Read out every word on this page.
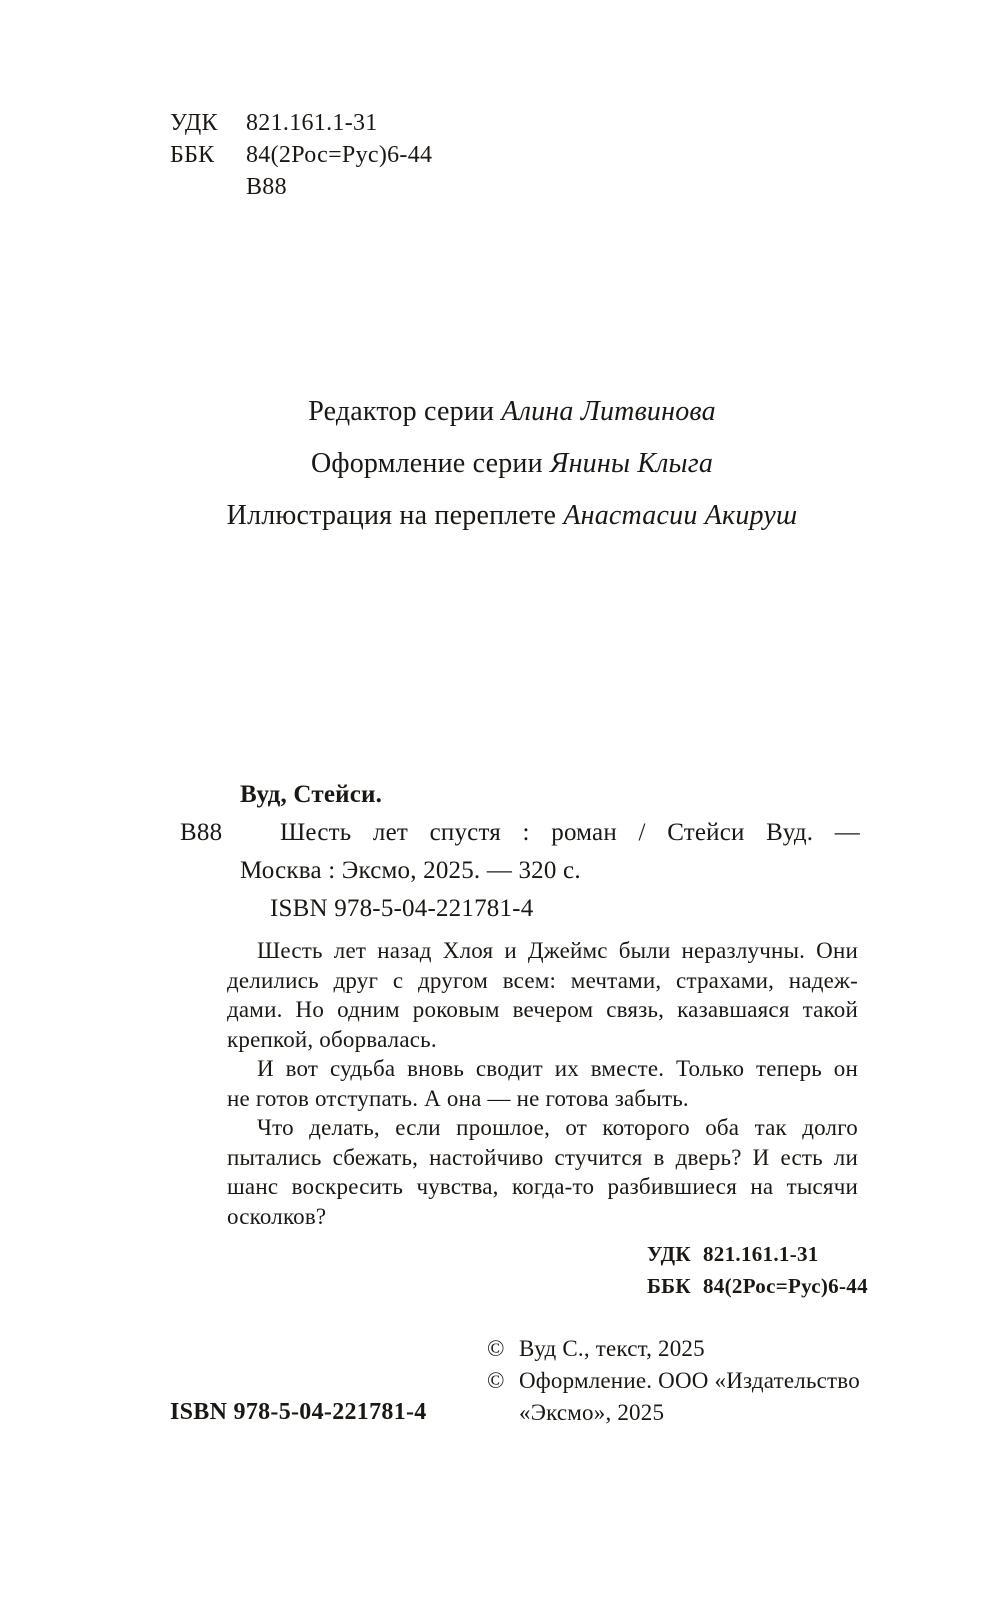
УДК	821.161.1-31
ББК	84(2Рос=Рус)6-44
В88
Редактор серии Алина Литвинова
Оформление серии Янины Клыга
Иллюстрация на переплете Анастасии Акируш
Вуд, Стейси.
В88	Шесть лет спустя : роман / Стейси Вуд. —
Москва : Эксмо, 2025. — 320 с.
ISBN 978-5-04-221781-4
Шесть лет назад Хлоя и Джеймс были неразлучны. Они
делились друг с другом всем: мечтами, страхами, надеж-
дами. Но одним роковым вечером связь, казавшаяся такой
крепкой, оборвалась.
И вот судьба вновь сводит их вместе. Только теперь он
не готов отступать. А она — не готова забыть.
Что делать, если прошлое, от которого оба так долго
пытались сбежать, настойчиво стучится в дверь? И есть ли
шанс воскресить чувства, когда-то разбившиеся на тысячи
осколков?
УДК 821.161.1-31
ББК 84(2Рос=Рус)6-44
© Вуд С., текст, 2025
© Оформление. ООО «Издательство
«Эксмо», 2025
ISBN 978-5-04-221781-4
